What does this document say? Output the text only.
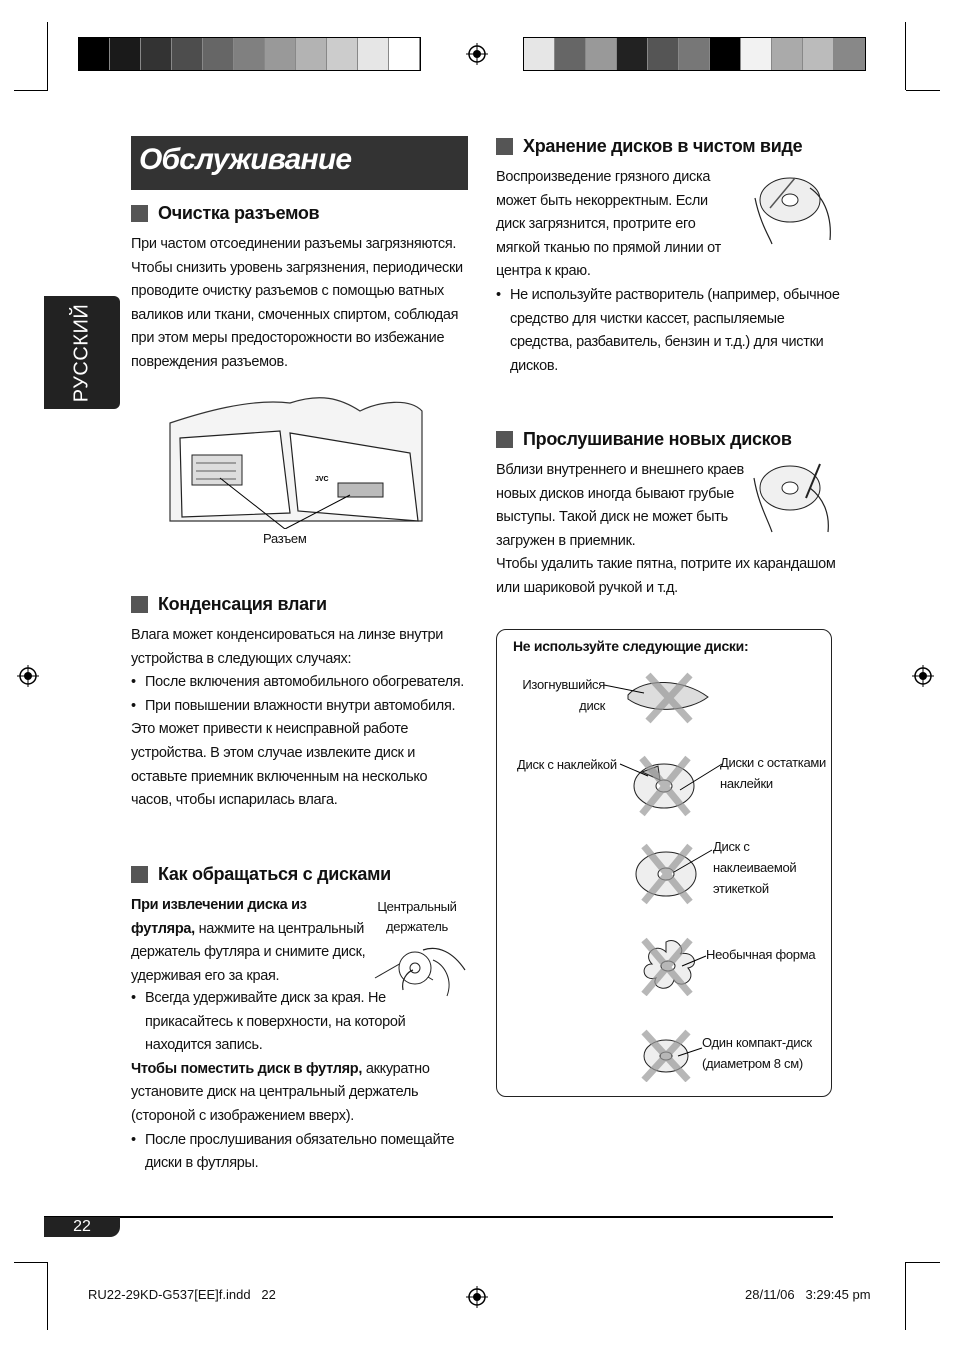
РУССКИЙ
Обслуживание
Очистка разъемов
При частом отсоединении разъемы загрязняются. Чтобы снизить уровень загрязнения, периодически проводите очистку разъемов с помощью ватных валиков или ткани, смоченных спиртом, соблюдая при этом меры предосторожности во избежание повреждения разъемов.
JVC
Разъем
Конденсация влаги
Влага может конденсироваться на линзе внутри устройства в следующих случаях:
• После включения автомобильного обогревателя.
• При повышении влажности внутри автомобиля.
Это может привести к неисправной работе устройства. В этом случае извлеките диск и оставьте приемник включенным на несколько часов, чтобы испарилась влага.
Как обращаться с дисками
При извлечении диска из футляра, нажмите на центральный держатель футляра и снимите диск, удерживая его за края.
Центральный держатель
• Всегда удерживайте диск за края. Не прикасайтесь к поверхности, на которой находится запись.
Чтобы поместить диск в футляр, аккуратно установите диск на центральный держатель (стороной с изображением вверх).
• После прослушивания обязательно помещайте диски в футляры.
Хранение дисков в чистом виде
Воспроизведение грязного диска может быть некорректным. Если диск загрязнится, протрите его мягкой тканью по прямой линии от центра к краю.
• Не используйте растворитель (например, обычное средство для чистки кассет, распыляемые средства, разбавитель, бензин и т.д.) для чистки дисков.
Прослушивание новых дисков
Вблизи внутреннего и внешнего краев новых дисков иногда бывают грубые выступы. Такой диск не может быть загружен в приемник.
Чтобы удалить такие пятна, потрите их карандашом или шариковой ручкой и т.д.
Не используйте следующие диски:
Изогнувшийся диск
Диск с наклейкой	Диски с остатками наклейки
Диск с наклеиваемой этикеткой
Необычная форма
Один компакт-диск (диаметром 8 см)
22
RU22-29KD-G537[EE]f.indd   22	28/11/06   3:29:45 pm
